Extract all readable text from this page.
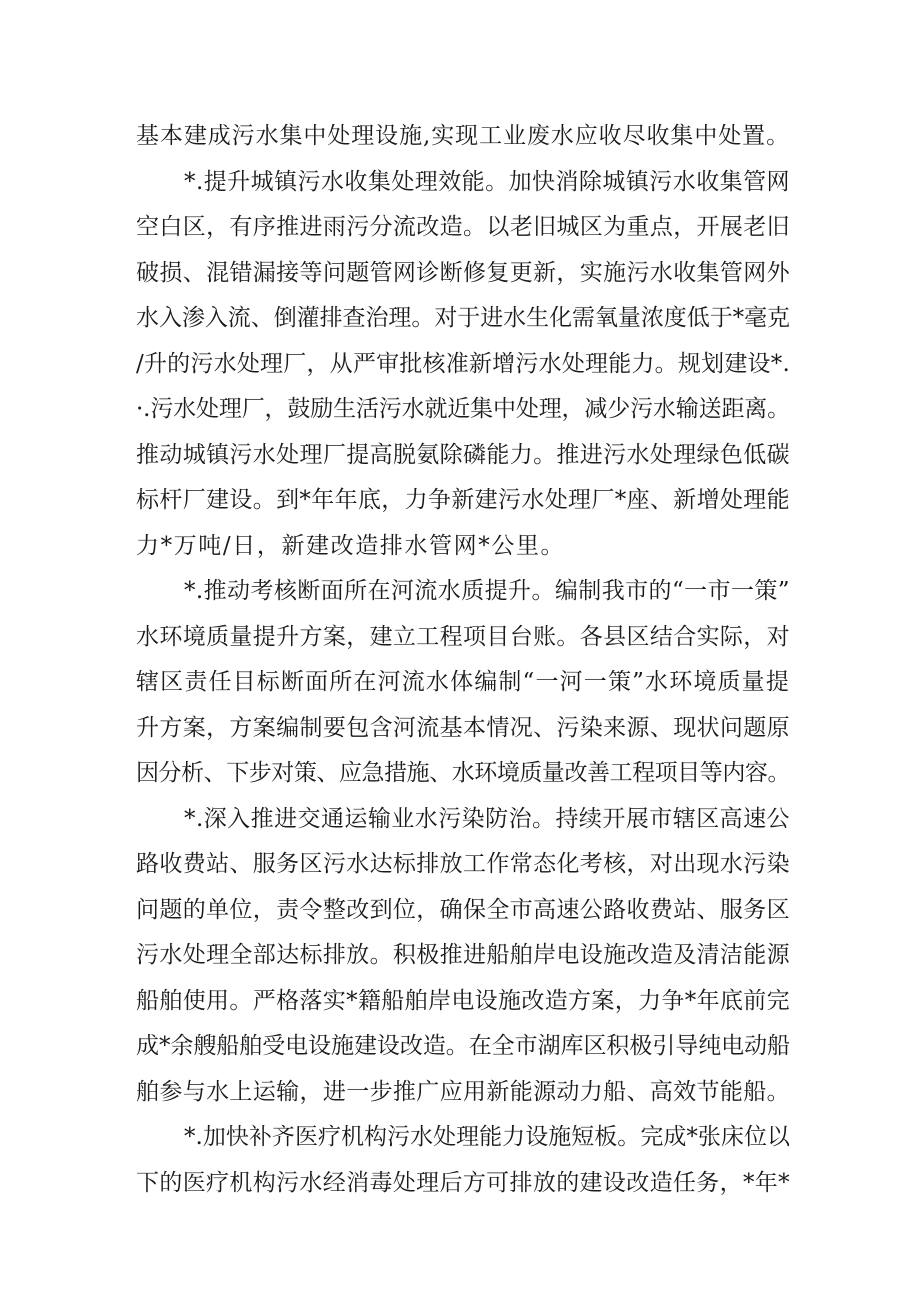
基本建成污水集中处理设施,实现工业废水应收尽收集中处置。
*.提升城镇污水收集处理效能。加快消除城镇污水收集管网
空白区，有序推进雨污分流改造。以老旧城区为重点，开展老旧
破损、混错漏接等问题管网诊断修复更新，实施污水收集管网外
水入渗入流、倒灌排查治理。对于进水生化需氧量浓度低于*毫克
/升的污水处理厂，从严审批核准新增污水处理能力。规划建设*.
·.污水处理厂，鼓励生活污水就近集中处理，减少污水输送距离。
推动城镇污水处理厂提高脱氨除磷能力。推进污水处理绿色低碳
标杆厂建设。到*年年底，力争新建污水处理厂*座、新增处理能
力*万吨/日，新建改造排水管网*公里。
*.推动考核断面所在河流水质提升。编制我市的“一市一策”
水环境质量提升方案，建立工程项目台账。各县区结合实际，对
辖区责任目标断面所在河流水体编制“一河一策”水环境质量提
升方案，方案编制要包含河流基本情况、污染来源、现状问题原
因分析、下步对策、应急措施、水环境质量改善工程项目等内容。
*.深入推进交通运输业水污染防治。持续开展市辖区高速公
路收费站、服务区污水达标排放工作常态化考核，对出现水污染
问题的单位，责令整改到位，确保全市高速公路收费站、服务区
污水处理全部达标排放。积极推进船舶岸电设施改造及清洁能源
船舶使用。严格落实*籍船舶岸电设施改造方案，力争*年底前完
成*余艘船舶受电设施建设改造。在全市湖库区积极引导纯电动船
舶参与水上运输，进一步推广应用新能源动力船、高效节能船。
*.加快补齐医疗机构污水处理能力设施短板。完成*张床位以
下的医疗机构污水经消毒处理后方可排放的建设改造任务，*年*
